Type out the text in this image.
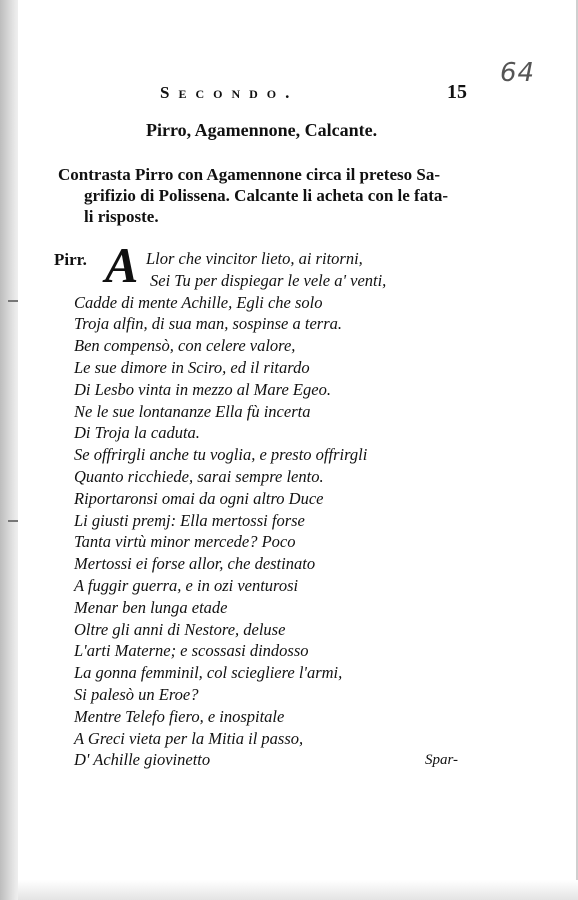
64
Secondo.	15
Pirro, Agamennone, Calcante.
Contrasta Pirro con Agamennone circa il preteso Sa-
grifizio di Polissena. Calcante li acheta con le fata-
li risposte.
Pirr. A Llor che vincitor lieto, ai ritorni,
Sei Tu per dispiegar le vele a' venti,
Cadde di mente Achille, Egli che solo
Troja alfin, di sua man, sospinse a terra.
Ben compensò, con celere valore,
Le sue dimore in Sciro, ed il ritardo
Di Lesbo vinta in mezzo al Mare Egeo.
Ne le sue lontananze Ella fù incerta
Di Troja la caduta.
Se offrirgli anche tu voglia, e presto offrirgli
Quanto ricchiede, sarai sempre lento.
Riportaronsi omai da ogni altro Duce
Li giusti premj: Ella mertossi forse
Tanta virtù minor mercede? Poco
Mertossi ei forse allor, che destinato
A fuggir guerra, e in ozi venturosi
Menar ben lunga etade
Oltre gli anni di Nestore, deluse
L'arti Materne; e scossasi dindosso
La gonna femminil, col sciegliere l'armi,
Si palesò un Eroe?
Mentre Telefo fiero, e inospitale
A Greci vieta per la Mitia il passo,
D' Achille giovinetto	Spar-
